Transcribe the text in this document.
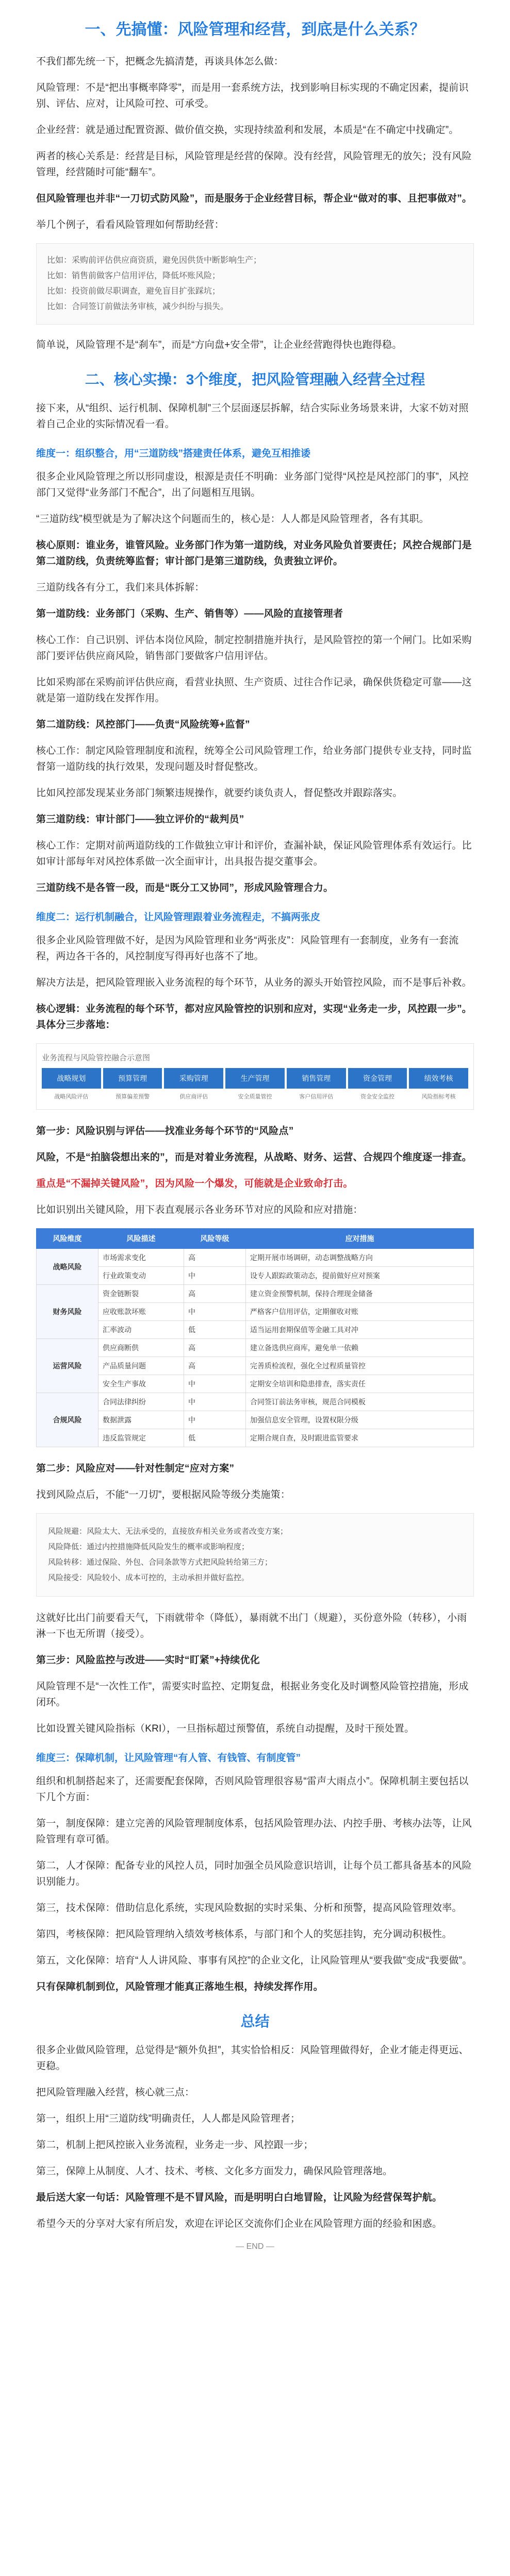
一、先搞懂：风险管理和经营，到底是什么关系？

不我们都先统一下，把概念先搞清楚，再谈具体怎么做：

风险管理：不是“把出事概率降零”，而是用一套系统方法，找到影响目标实现的不确定因素，提前识别、评估、应对，让风险可控、可承受。

企业经营：就是通过配置资源、做价值交换，实现持续盈利和发展，本质是“在不确定中找确定”。

两者的核心关系是：经营是目标，风险管理是经营的保障。没有经营，风险管理无的放矢；没有风险管理，经营随时可能“翻车”。

但风险管理也并非“一刀切式防风险”，而是服务于企业经营目标，帮企业“做对的事、且把事做对”。

举几个例子，看看风险管理如何帮助经营：

比如：采购前评估供应商资质，避免因供货中断影响生产；
比如：销售前做客户信用评估，降低坏账风险；
比如：投资前做尽职调查，避免盲目扩张踩坑；
比如：合同签订前做法务审核，减少纠纷与损失。

简单说，风险管理不是“刹车”，而是“方向盘+安全带”，让企业经营跑得快也跑得稳。

二、核心实操：3个维度，把风险管理融入经营全过程

接下来，从“组织、运行机制、保障机制”三个层面逐层拆解，结合实际业务场景来讲，大家不妨对照着自己企业的实际情况看一看。

维度一：组织整合，用“三道防线”搭建责任体系，避免互相推诿

很多企业风险管理之所以形同虚设，根源是责任不明确：业务部门觉得“风控是风控部门的事”，风控部门又觉得“业务部门不配合”，出了问题相互甩锅。

“三道防线”模型就是为了解决这个问题而生的，核心是：人人都是风险管理者，各有其职。

核心原则：谁业务，谁管风险。业务部门作为第一道防线，对业务风险负首要责任；风控合规部门是第二道防线，负责统筹监督；审计部门是第三道防线，负责独立评价。

三道防线各有分工，我们来具体拆解：

第一道防线：业务部门（采购、生产、销售等）——风险的直接管理者

核心工作：自己识别、评估本岗位风险，制定控制措施并执行，是风险管控的第一个闸门。比如采购部门要评估供应商风险，销售部门要做客户信用评估。

比如采购部在采购前评估供应商，看营业执照、生产资质、过往合作记录，确保供货稳定可靠——这就是第一道防线在发挥作用。

第二道防线：风控部门——负责“风险统筹+监督”

核心工作：制定风险管理制度和流程，统筹全公司风险管理工作，给业务部门提供专业支持，同时监督第一道防线的执行效果，发现问题及时督促整改。

比如风控部发现某业务部门频繁违规操作，就要约谈负责人，督促整改并跟踪落实。

第三道防线：审计部门——独立评价的“裁判员”

核心工作：定期对前两道防线的工作做独立审计和评价，查漏补缺，保证风险管理体系有效运行。比如审计部每年对风控体系做一次全面审计，出具报告提交董事会。

三道防线不是各管一段，而是“既分工又协同”，形成风险管理合力。

维度二：运行机制融合，让风险管理跟着业务流程走，不搞两张皮

很多企业风险管理做不好，是因为风险管理和业务“两张皮”：风险管理有一套制度，业务有一套流程，两边各干各的，风控制度写得再好也落不了地。

解决方法是，把风险管理嵌入业务流程的每个环节，从业务的源头开始管控风险，而不是事后补救。

核心逻辑：业务流程的每个环节，都对应风险管控的识别和应对，实现“业务走一步，风控跟一步”。具体分三步落地：

业务流程与风险管控融合示意图
战略规划	预算管理	采购管理	生产管理	销售管理	资金管理	绩效考核
战略风险评估	预算偏差预警	供应商评估	安全质量管控	客户信用评估	资金安全监控	风险指标考核

第一步：风险识别与评估——找准业务每个环节的“风险点”

风险，不是“拍脑袋想出来的”，而是对着业务流程，从战略、财务、运营、合规四个维度逐一排查。

重点是“不漏掉关键风险”，因为风险一个爆发，可能就是企业致命打击。

比如识别出关键风险，用下表直观展示各业务环节对应的风险和应对措施：

风险维度	风险描述	风险等级	应对措施
战略风险	市场需求变化	高	定期开展市场调研，动态调整战略方向
	行业政策变动	中	设专人跟踪政策动态，提前做好应对预案
财务风险	资金链断裂	高	建立资金预警机制，保持合理现金储备
	应收账款坏账	中	严格客户信用评估，定期催收对账
	汇率波动	低	适当运用套期保值等金融工具对冲
运营风险	供应商断供	高	建立备选供应商库，避免单一依赖
	产品质量问题	高	完善质检流程，强化全过程质量管控
	安全生产事故	中	定期安全培训和隐患排查，落实责任
合规风险	合同法律纠纷	中	合同签订前法务审核，规范合同模板
	数据泄露	中	加强信息安全管理，设置权限分级
	违反监管规定	低	定期合规自查，及时跟进监管要求

第二步：风险应对——针对性制定“应对方案”

找到风险点后，不能“一刀切”，要根据风险等级分类施策：

风险规避：风险太大、无法承受的，直接放弃相关业务或者改变方案；
风险降低：通过内控措施降低风险发生的概率或影响程度；
风险转移：通过保险、外包、合同条款等方式把风险转给第三方；
风险接受：风险较小、成本可控的，主动承担并做好监控。

这就好比出门前要看天气，下雨就带伞（降低），暴雨就不出门（规避），买份意外险（转移），小雨淋一下也无所谓（接受）。

第三步：风险监控与改进——实时“盯紧”+持续优化

风险管理不是“一次性工作”，需要实时监控、定期复盘，根据业务变化及时调整风险管控措施，形成闭环。

比如设置关键风险指标（KRI），一旦指标超过预警值，系统自动提醒，及时干预处置。

维度三：保障机制，让风险管理“有人管、有钱管、有制度管”

组织和机制搭起来了，还需要配套保障，否则风险管理很容易“雷声大雨点小”。保障机制主要包括以下几个方面：

第一，制度保障：建立完善的风险管理制度体系，包括风险管理办法、内控手册、考核办法等，让风险管理有章可循。

第二，人才保障：配备专业的风控人员，同时加强全员风险意识培训，让每个员工都具备基本的风险识别能力。

第三，技术保障：借助信息化系统，实现风险数据的实时采集、分析和预警，提高风险管理效率。

第四，考核保障：把风险管理纳入绩效考核体系，与部门和个人的奖惩挂钩，充分调动积极性。

第五，文化保障：培育“人人讲风险、事事有风控”的企业文化，让风险管理从“要我做”变成“我要做”。

只有保障机制到位，风险管理才能真正落地生根，持续发挥作用。

总结

很多企业做风险管理，总觉得是“额外负担”，其实恰恰相反：风险管理做得好，企业才能走得更远、更稳。

把风险管理融入经营，核心就三点：

第一，组织上用“三道防线”明确责任，人人都是风险管理者；

第二，机制上把风控嵌入业务流程，业务走一步、风控跟一步；

第三，保障上从制度、人才、技术、考核、文化多方面发力，确保风险管理落地。

最后送大家一句话：风险管理不是不冒风险，而是明明白白地冒险，让风险为经营保驾护航。

希望今天的分享对大家有所启发，欢迎在评论区交流你们企业在风险管理方面的经验和困惑。

— END —
